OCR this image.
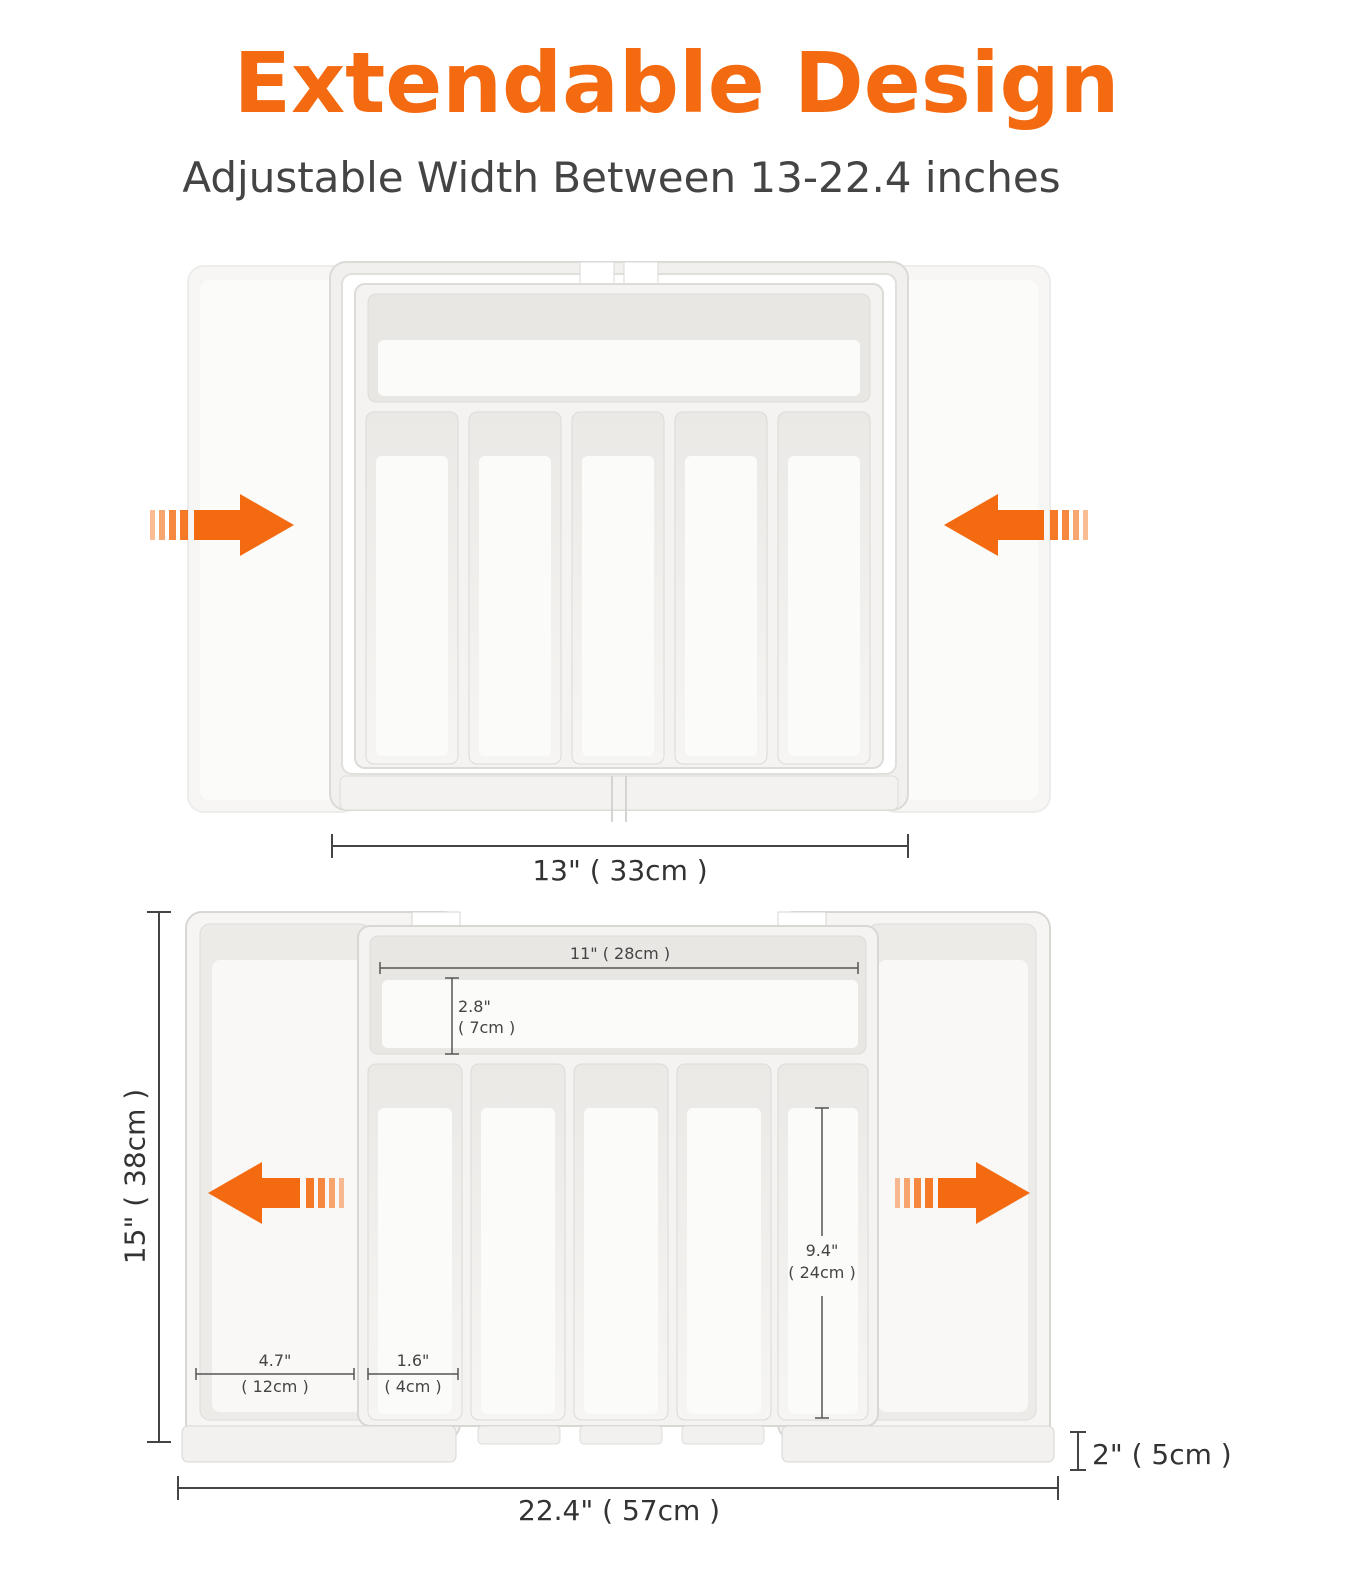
Extendable Design
Adjustable Width Between 13-22.4 inches
13" ( 33cm )
11" ( 28cm )
2.8"
( 7cm )
9.4"
( 24cm )
4.7"
( 12cm )
1.6"
( 4cm )
2" ( 5cm )
22.4" ( 57cm )
15" ( 38cm )
